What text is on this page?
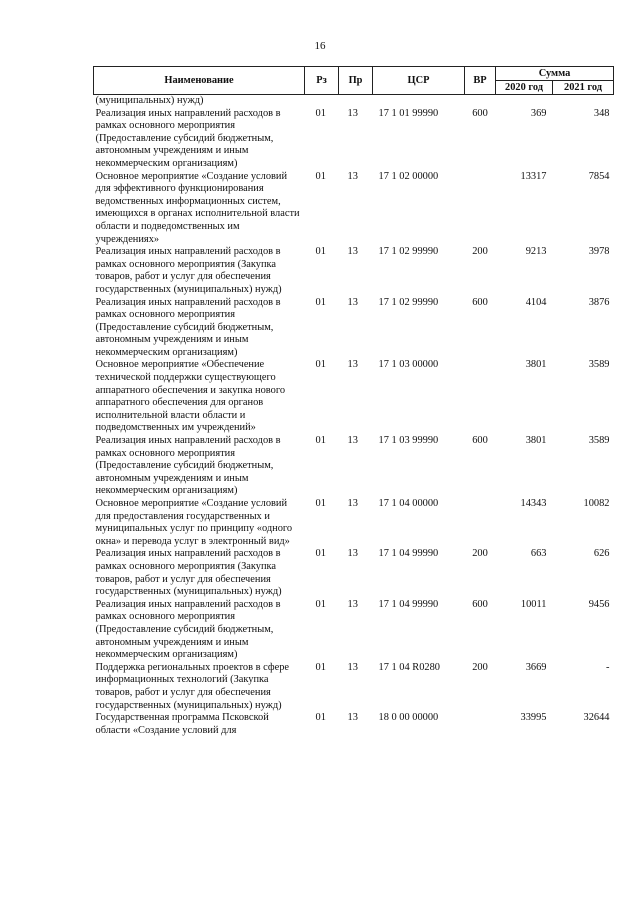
16
Наименование	Рз	Пр	ЦСР	ВР	Сумма	
					2020 год	2021 год
(муниципальных) нужд)						
Реализация иных направлений расходов в рамках основного мероприятия (Предоставление субсидий бюджетным, автономным учреждениям и иным некоммерческим организациям)	01	13	17 1 01 99990	600	369	348
Основное мероприятие «Создание условий для эффективного функционирования ведомственных информационных систем, имеющихся в органах исполнительной власти области и подведомственных им учреждениях»	01	13	17 1 02 00000		13317	7854
Реализация иных направлений расходов в рамках основного мероприятия (Закупка товаров, работ и услуг для обеспечения государственных (муниципальных) нужд)	01	13	17 1 02 99990	200	9213	3978
Реализация иных направлений расходов в рамках основного мероприятия (Предоставление субсидий бюджетным, автономным учреждениям и иным некоммерческим организациям)	01	13	17 1 02 99990	600	4104	3876
Основное мероприятие «Обеспечение технической поддержки существующего аппаратного обеспечения и закупка нового аппаратного обеспечения для органов исполнительной власти области и подведомственных им учреждений»	01	13	17 1 03 00000		3801	3589
Реализация иных направлений расходов в рамках основного мероприятия (Предоставление субсидий бюджетным, автономным учреждениям и иным некоммерческим организациям)	01	13	17 1 03 99990	600	3801	3589
Основное мероприятие «Создание условий для предоставления государственных и муниципальных услуг по принципу «одного окна» и перевода услуг в электронный вид»	01	13	17 1 04 00000		14343	10082
Реализация иных направлений расходов в рамках основного мероприятия (Закупка товаров, работ и услуг для обеспечения государственных (муниципальных) нужд)	01	13	17 1 04 99990	200	663	626
Реализация иных направлений расходов в рамках основного мероприятия (Предоставление субсидий бюджетным, автономным учреждениям и иным некоммерческим организациям)	01	13	17 1 04 99990	600	10011	9456
Поддержка региональных проектов в сфере информационных технологий (Закупка товаров, работ и услуг для обеспечения государственных (муниципальных) нужд)	01	13	17 1 04 R0280	200	3669	-
Государственная программа Псковской области «Создание условий для	01	13	18 0 00 00000		33995	32644
